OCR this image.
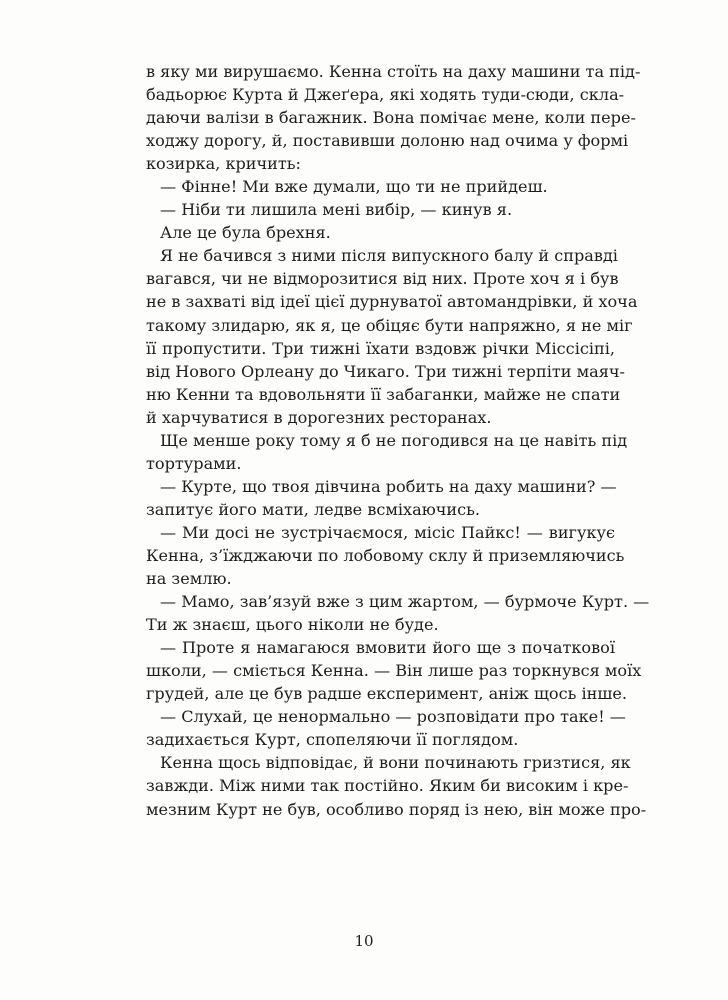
в яку ми вирушаємо. Кенна стоїть на даху машини та під-
бадьорює Курта й Джеґера, які ходять туди-сюди, скла-
даючи валізи в багажник. Вона помічає мене, коли пере-
ходжу дорогу, й, поставивши долоню над очима у формі
козирка, кричить:

— Фінне! Ми вже думали, що ти не прийдеш.

— Ніби ти лишила мені вибір, — кинув я.

Але це була брехня.

Я не бачився з ними після випускного балу й справді
вагався, чи не відморозитися від них. Проте хоч я і був
не в захваті від ідеї цієї дурнуватої автомандрівки, й хоча
такому злидарю, як я, це обіцяє бути напряжно, я не міг
її пропустити. Три тижні їхати вздовж річки Міссісіпі,
від Нового Орлеану до Чикаго. Три тижні терпіти маяч-
ню Кенни та вдовольняти її забаганки, майже не спати
й харчуватися в дорогезних ресторанах.

Ще менше року тому я б не погодився на це навіть під
тортурами.

— Курте, що твоя дівчина робить на даху машини? —
запитує його мати, ледве всміхаючись.

— Ми досі не зустрічаємося, місіс Пайкс! — вигукує
Кенна, з’їжджаючи по лобовому склу й приземляючись
на землю.

— Мамо, зав’язуй вже з цим жартом, — бурмоче Курт. —
Ти ж знаєш, цього ніколи не буде.

— Проте я намагаюся вмовити його ще з початкової
школи, — сміється Кенна. — Він лише раз торкнувся моїх
грудей, але це був радше експеримент, аніж щось інше.

— Слухай, це ненормально — розповідати про таке! —
задихається Курт, спопеляючи її поглядом.

Кенна щось відповідає, й вони починають гризтися, як
завжди. Між ними так постійно. Яким би високим і кре-
мезним Курт не був, особливо поряд із нею, він може про-

10
